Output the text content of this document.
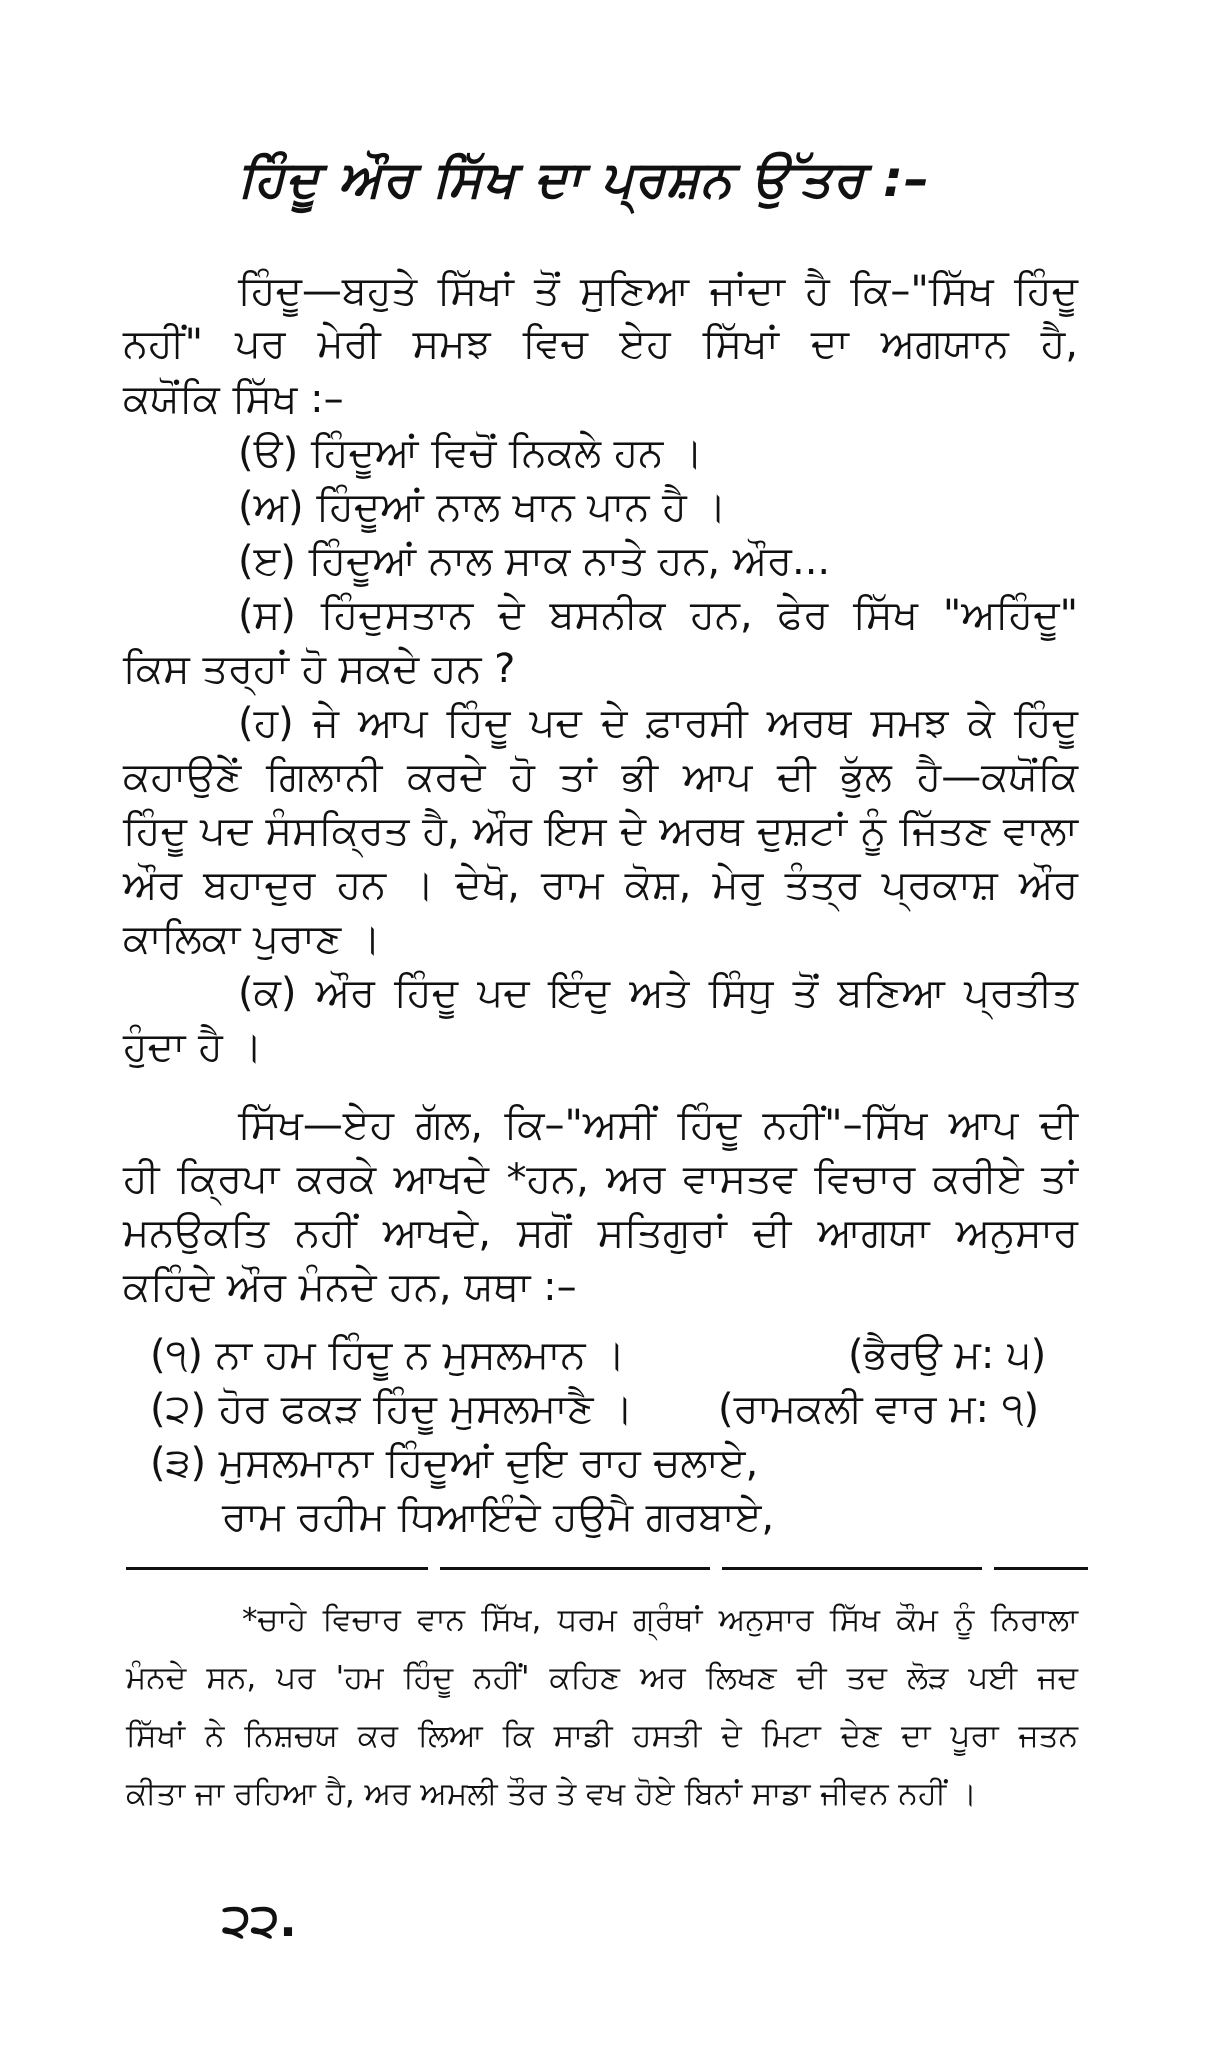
ਹਿੰਦੂ ਔਰ ਸਿੱਖ ਦਾ ਪ੍ਰਸ਼ਨ ਉੱਤਰ :–
ਹਿੰਦੂ—ਬਹੁਤੇ ਸਿੱਖਾਂ ਤੋਂ ਸੁਣਿਆ ਜਾਂਦਾ ਹੈ ਕਿ–"ਸਿੱਖ ਹਿੰਦੂ
ਨਹੀਂ" ਪਰ ਮੇਰੀ ਸਮਝ ਵਿਚ ਏਹ ਸਿੱਖਾਂ ਦਾ ਅਗਯਾਨ ਹੈ,
ਕਯੋਂਕਿ ਸਿੱਖ :–
(ੳ) ਹਿੰਦੂਆਂ ਵਿਚੋਂ ਨਿਕਲੇ ਹਨ ।
(ਅ) ਹਿੰਦੂਆਂ ਨਾਲ ਖਾਨ ਪਾਨ ਹੈ ।
(ੲ) ਹਿੰਦੂਆਂ ਨਾਲ ਸਾਕ ਨਾਤੇ ਹਨ, ਔਰ...
(ਸ) ਹਿੰਦੁਸਤਾਨ ਦੇ ਬਸਨੀਕ ਹਨ, ਫੇਰ ਸਿੱਖ "ਅਹਿੰਦੂ"
ਕਿਸ ਤਰ੍ਹਾਂ ਹੋ ਸਕਦੇ ਹਨ ?
(ਹ) ਜੇ ਆਪ ਹਿੰਦੂ ਪਦ ਦੇ ਫ਼ਾਰਸੀ ਅਰਥ ਸਮਝ ਕੇ ਹਿੰਦੂ
ਕਹਾਉਣੇਂ ਗਿਲਾਨੀ ਕਰਦੇ ਹੋ ਤਾਂ ਭੀ ਆਪ ਦੀ ਭੁੱਲ ਹੈ—ਕਯੋਂਕਿ
ਹਿੰਦੂ ਪਦ ਸੰਸਕ੍ਰਿਤ ਹੈ, ਔਰ ਇਸ ਦੇ ਅਰਥ ਦੁਸ਼ਟਾਂ ਨੂੰ ਜਿੱਤਣ ਵਾਲਾ
ਔਰ ਬਹਾਦੁਰ ਹਨ । ਦੇਖੋ, ਰਾਮ ਕੋਸ਼, ਮੇਰੁ ਤੰਤ੍ਰ ਪ੍ਰਕਾਸ਼ ਔਰ
ਕਾਲਿਕਾ ਪੁਰਾਣ ।
(ਕ) ਔਰ ਹਿੰਦੂ ਪਦ ਇੰਦੁ ਅਤੇ ਸਿੰਧੁ ਤੋਂ ਬਣਿਆ ਪ੍ਰਤੀਤ
ਹੁੰਦਾ ਹੈ ।
ਸਿੱਖ—ਏਹ ਗੱਲ, ਕਿ–"ਅਸੀਂ ਹਿੰਦੂ ਨਹੀਂ"–ਸਿੱਖ ਆਪ ਦੀ
ਹੀ ਕ੍ਰਿਪਾ ਕਰਕੇ ਆਖਦੇ *ਹਨ, ਅਰ ਵਾਸਤਵ ਵਿਚਾਰ ਕਰੀਏ ਤਾਂ
ਮਨਉਕਤਿ ਨਹੀਂ ਆਖਦੇ, ਸਗੋਂ ਸਤਿਗੁਰਾਂ ਦੀ ਆਗਯਾ ਅਨੁਸਾਰ
ਕਹਿੰਦੇ ਔਰ ਮੰਨਦੇ ਹਨ, ਯਥਾ :–
(੧) ਨਾ ਹਮ ਹਿੰਦੂ ਨ ਮੁਸਲਮਾਨ ।	(ਭੈਰਉ ਮ: ੫)
(੨) ਹੋਰ ਫਕੜ ਹਿੰਦੂ ਮੁਸਲਮਾਣੈ । (ਰਾਮਕਲੀ ਵਾਰ ਮ: ੧)
(੩) ਮੁਸਲਮਾਨਾ ਹਿੰਦੂਆਂ ਦੁਇ ਰਾਹ ਚਲਾਏ,
ਰਾਮ ਰਹੀਮ ਧਿਆਇੰਦੇ ਹਉਮੈ ਗਰਬਾਏ,
*ਚਾਹੇ ਵਿਚਾਰ ਵਾਨ ਸਿੱਖ, ਧਰਮ ਗ੍ਰੰਥਾਂ ਅਨੁਸਾਰ ਸਿੱਖ ਕੌਮ ਨੂੰ ਨਿਰਾਲਾ
ਮੰਨਦੇ ਸਨ, ਪਰ 'ਹਮ ਹਿੰਦੂ ਨਹੀਂ' ਕਹਿਣ ਅਰ ਲਿਖਣ ਦੀ ਤਦ ਲੋੜ ਪਈ ਜਦ
ਸਿੱਖਾਂ ਨੇ ਨਿਸ਼ਚਯ ਕਰ ਲਿਆ ਕਿ ਸਾਡੀ ਹਸਤੀ ਦੇ ਮਿਟਾ ਦੇਣ ਦਾ ਪੂਰਾ ਜਤਨ
ਕੀਤਾ ਜਾ ਰਹਿਆ ਹੈ, ਅਰ ਅਮਲੀ ਤੌਰ ਤੇ ਵਖ ਹੋਏ ਬਿਨਾਂ ਸਾਡਾ ਜੀਵਨ ਨਹੀਂ ।
੨੨.
